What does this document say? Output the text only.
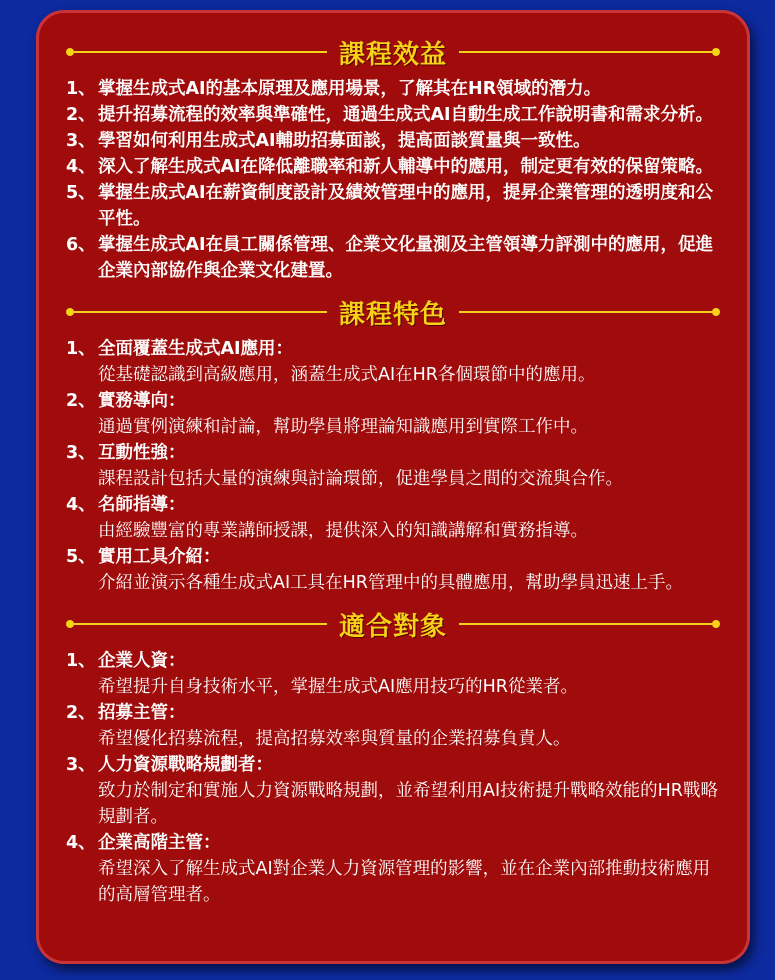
課程效益
1、 掌握生成式AI的基本原理及應用場景，了解其在HR領域的潛力。
2、 提升招募流程的效率與準確性，通過生成式AI自動生成工作說明書和需求分析。
3、 學習如何利用生成式AI輔助招募面談，提高面談質量與一致性。
4、 深入了解生成式AI在降低離職率和新人輔導中的應用，制定更有效的保留策略。
5、 掌握生成式AI在薪資制度設計及績效管理中的應用，提昇企業管理的透明度和公平性。
6、 掌握生成式AI在員工關係管理、企業文化量測及主管領導力評測中的應用，促進企業內部協作與企業文化建置。
課程特色
1、 全面覆蓋生成式AI應用：
從基礎認識到高級應用，涵蓋生成式AI在HR各個環節中的應用。
2、 實務導向：
通過實例演練和討論，幫助學員將理論知識應用到實際工作中。
3、 互動性強：
課程設計包括大量的演練與討論環節，促進學員之間的交流與合作。
4、 名師指導：
由經驗豐富的專業講師授課，提供深入的知識講解和實務指導。
5、 實用工具介紹：
介紹並演示各種生成式AI工具在HR管理中的具體應用，幫助學員迅速上手。
適合對象
1、 企業人資：
希望提升自身技術水平，掌握生成式AI應用技巧的HR從業者。
2、 招募主管：
希望優化招募流程，提高招募效率與質量的企業招募負責人。
3、 人力資源戰略規劃者：
致力於制定和實施人力資源戰略規劃，並希望利用AI技術提升戰略效能的HR戰略規劃者。
4、 企業高階主管：
希望深入了解生成式AI對企業人力資源管理的影響，並在企業內部推動技術應用的高層管理者。
